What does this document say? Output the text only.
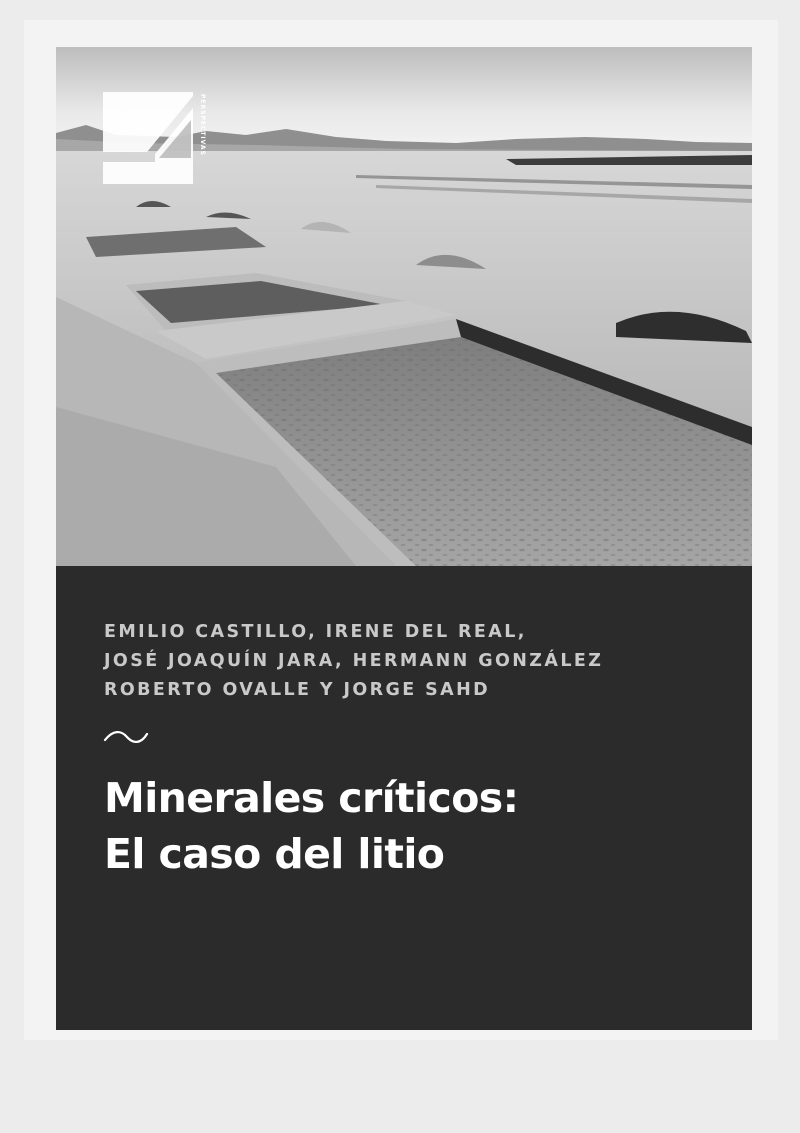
PERSPECTIVAS
EMILIO CASTILLO, IRENE DEL REAL,
JOSÉ JOAQUÍN JARA, HERMANN GONZÁLEZ
ROBERTO OVALLE Y JORGE SAHD
Minerales críticos:
El caso del litio
